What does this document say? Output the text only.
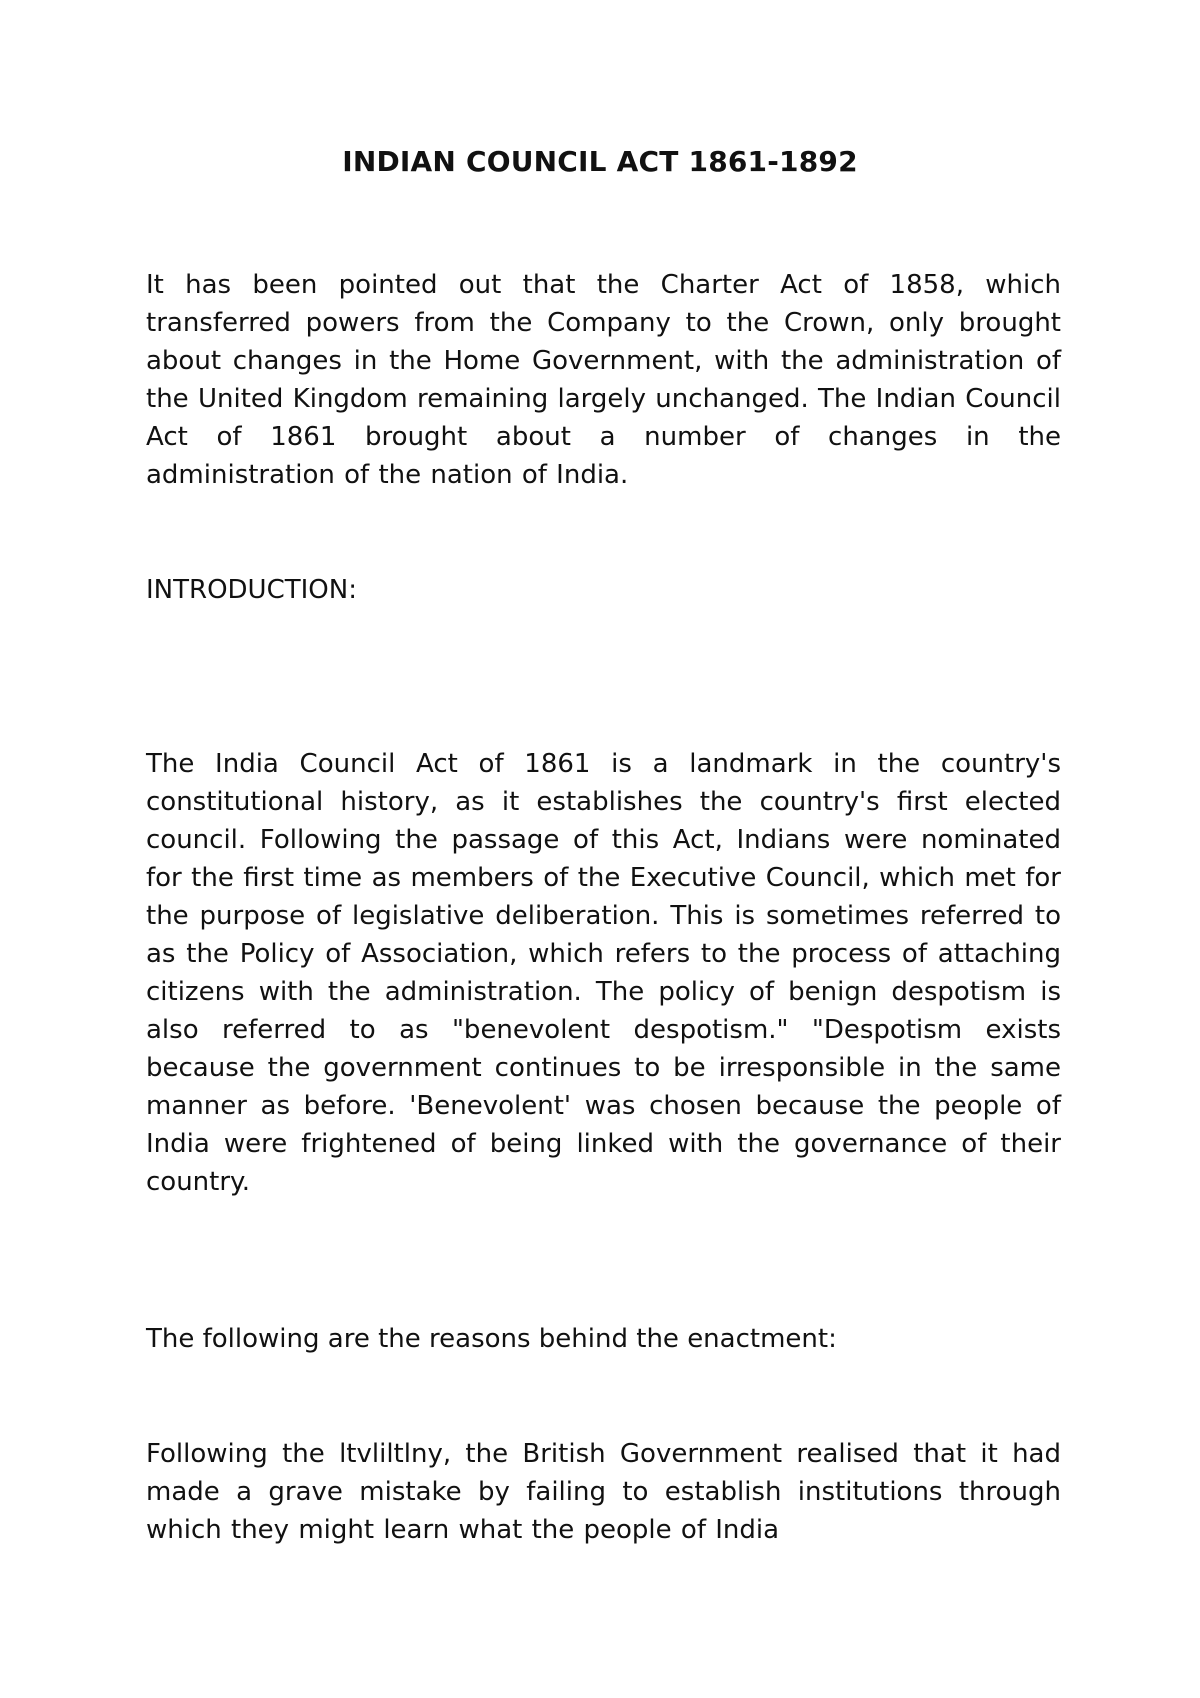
INDIAN COUNCIL ACT 1861-1892

It has been pointed out that the Charter Act of 1858, which transferred powers from the Company to the Crown, only brought about changes in the Home Government, with the administration of the United Kingdom remaining largely unchanged. The Indian Council Act of 1861 brought about a number of changes in the administration of the nation of India.

INTRODUCTION:

The India Council Act of 1861 is a landmark in the country's constitutional history, as it establishes the country's first elected council. Following the passage of this Act, Indians were nominated for the first time as members of the Executive Council, which met for the purpose of legislative deliberation. This is sometimes referred to as the Policy of Association, which refers to the process of attaching citizens with the administration. The policy of benign despotism is also referred to as "benevolent despotism." "Despotism exists because the government continues to be irresponsible in the same manner as before. 'Benevolent' was chosen because the people of India were frightened of being linked with the governance of their country.

The following are the reasons behind the enactment:

Following the ltvliltlny, the British Government realised that it had made a grave mistake by failing to establish institutions through which they might learn what the people of India
